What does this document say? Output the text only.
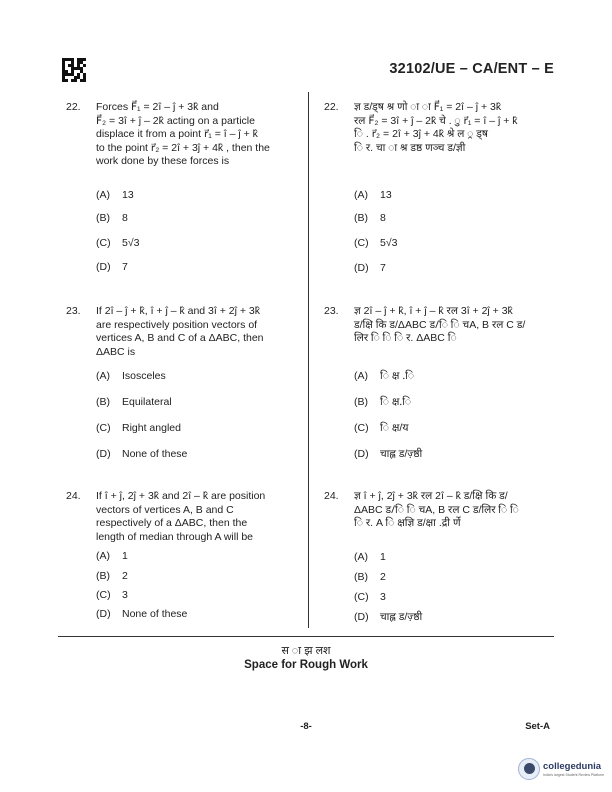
32102/UE – CA/ENT – E
22. Forces F⃗₁ = 2î – ĵ + 3k̂ and
F⃗₂ = 3î + ĵ – 2k̂ acting on a particle
displace it from a point r⃗₁ = î – ĵ + k̂
to the point r⃗₂ = 2î + 3ĵ + 4k̂ , then the
work done by these forces is
(A) 13
(B) 8
(C) 5√3
(D) 7
22. ज्ञ ड/ड्ष श्र णो ा ा F⃗₁ = 2î – ĵ + 3k̂
रल F⃗₂ = 3î + ĵ – 2k̂ चे . ु r⃗₁ = î – ĵ + k̂
ि . r⃗₂ = 2î + 3ĵ + 4k̂ श्रे ल ्र ड्ष
ि र. चा ा श्र डष्ठ णञ्च ड/ज्ञी
(A) 13
(B) 8
(C) 5√3
(D) 7
23. If 2î – ĵ + k̂, î + ĵ – k̂ and 3î + 2ĵ + 3k̂
are respectively position vectors of
vertices A, B and C of a ΔABC, then
ΔABC is
(A) Isosceles
(B) Equilateral
(C) Right angled
(D) None of these
23. ज्ञ 2î – ĵ + k̂, î + ĵ – k̂ रल 3î + 2ĵ + 3k̂
ड/क्षि कि ड/ΔABC ड/ि ि चA, B रल C ड/
लिर ि ि ि र. ΔABC ि
(A) ि क्ष .ि
(B) ि क्ष.ि
(C) ि क्ष/य
(D) चाह्ल ड/ज़्ष्ठी
24. If î + ĵ, 2ĵ + 3k̂ and 2î – k̂ are position
vectors of vertices A, B and C
respectively of a ΔABC, then the
length of median through A will be
(A) 1
(B) 2
(C) 3
(D) None of these
24. ज्ञ î + ĵ, 2ĵ + 3k̂ रल 2î – k̂ ड/क्षि कि ड/
ΔABC ड/ि ि चA, B रल C ड/लिर ि ि
ि र. A ि क्षज्ञि ड/क्षा .द्री र्णे
(A) 1
(B) 2
(C) 3
(D) चाह्ल ड/ज़्ष्ठी
स ा झ लश
Space for Rough Work
-8-	Set-A
collegedunia
India's largest Student Review Platform
